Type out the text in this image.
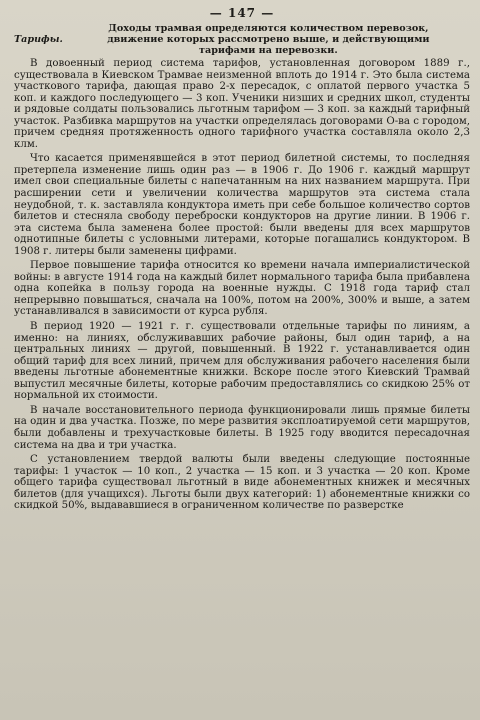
— 147 —
Тарифы.
Доходы трамвая определяются количеством перевозок,
движение которых рассмотрено выше, и действующими
тарифами на перевозки.

В довоенный период система тарифов, установленная договором 1889 г., существовала в Киевском Трамвае неизменной вплоть до 1914 г. Это была система участкового тарифа, дающая право 2-х пересадок, с оплатой первого участка 5 коп. и каждого последующего — 3 коп. Ученики низших и средних школ, студенты и рядовые солдаты пользовались льготным тарифом — 3 коп. за каждый тарифный участок. Разбивка маршрутов на участки определялась договорами О-ва с городом, причем средняя протяженность одного тарифного участка составляла около 2,3 клм.

Что касается применявшейся в этот период билетной системы, то последняя претерпела изменение лишь один раз — в 1906 г. До 1906 г. каждый маршрут имел свои специальные билеты с напечатанным на них названием маршрута. При расширении сети и увеличении количества маршрутов эта система стала неудобной, т. к. заставляла кондуктора иметь при себе большое количество сортов билетов и стесняла свободу переброски кондукторов на другие линии. В 1906 г. эта система была заменена более простой: были введены для всех маршрутов однотипные билеты с условными литерами, которые погашались кондуктором. В 1908 г. литеры были заменены цифрами.

Первое повышение тарифа относится ко времени начала империалистической войны: в августе 1914 года на каждый билет нормального тарифа была прибавлена одна копейка в пользу города на военные нужды. С 1918 года тариф стал непрерывно повышаться, сначала на 100%, потом на 200%, 300% и выше, а затем устанавливался в зависимости от курса рубля.

В период 1920 — 1921 г. г. существовали отдельные тарифы по линиям, а именно: на линиях, обслуживавших рабочие районы, был один тариф, а на центральных линиях — другой, повышенный. В 1922 г. устанавливается один общий тариф для всех линий, причем для обслуживания рабочего населения были введены льготные абонементные книжки. Вскоре после этого Киевский Трамвай выпустил месячные билеты, которые рабочим предоставлялись со скидкою 25% от нормальной их стоимости.

В начале восстановительного периода функционировали лишь прямые билеты на один и два участка. Позже, по мере развития эксплоатируемой сети маршрутов, были добавлены и трехучастковые билеты. В 1925 году вводится пересадочная система на два и три участка.

С установлением твердой валюты были введены следующие постоянные тарифы: 1 участок — 10 коп., 2 участка — 15 коп. и 3 участка — 20 коп. Кроме общего тарифа существовал льготный в виде абонементных книжек и месячных билетов (для учащихся). Льготы были двух категорий: 1) абонементные книжки со скидкой 50%, выдававшиеся в ограниченном количестве по разверстке
